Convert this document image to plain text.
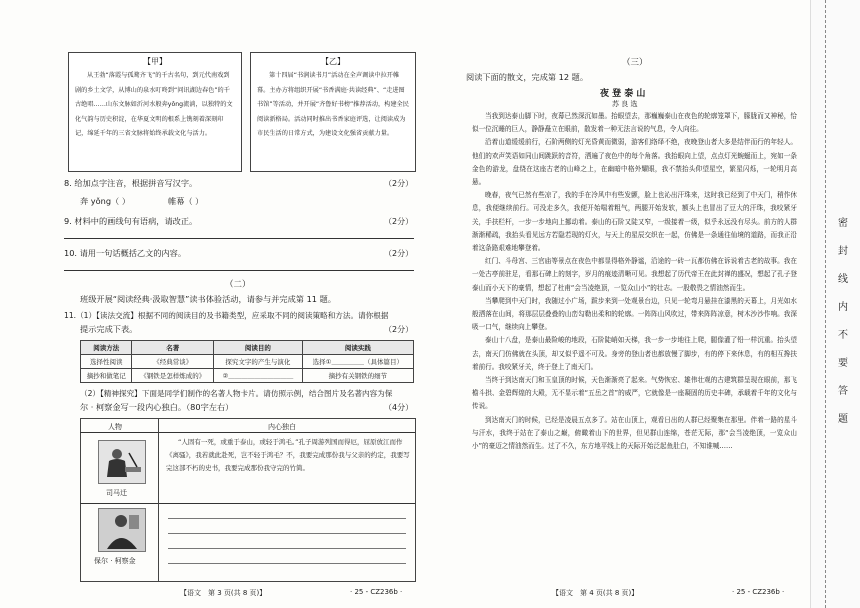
【甲】
从王勃“落霞与孤鹜齐飞”的千古名句，到元代南戏到剧的乡土文学，从博山的泉水叮咚到“问讯湖边春色”的千古绝唱……山东文脉如沂河水般奔yǒng流淌，以独特的文化气韵与历史积淀，在华夏文明的根系上镌刻着深刻印记，绵延千年的三省文脉将始终承载文化与活力。
【乙】
第十四届“书润读书月”活动在全声调读中拉开帷幕。主办方将组织开展“书香满庭·共读经典”、“走进图书馆”等活动，并开展“齐鲁好书榜”推荐活动，构建全民阅读新格局。活动同时推出书香家庭评选，让阅读成为市民生活的日常方式，为建设文化强省贡献力量。
8. 给加点字注音，根据拼音写汉字。	（2分）
奔 yǒng（ ）	帷幕（ ）
9. 材料中的画线句有语病，请改正。	（2分）
10. 请用一句话概括乙文的内容。	（2分）
（二）
班级开展“阅读经典·汲取智慧”读书体验活动，请参与并完成第 11 题。
11.（1）【读法交流】根据不同的阅读目的及书籍类型，应采取不同的阅读策略和方法。请你根据
提示完成下表。	（2分）
阅读方法	名著	阅读目的	阅读实践
选择性阅读	《经典常谈》	探究文字的产生与演化	选择①＿＿＿＿＿（具体篇目）
摘抄和做笔记	《钢铁是怎样炼成的》	②＿＿＿＿＿＿＿＿＿＿	摘抄有关钢铁的细节
（2）【精神探究】下面是同学们制作的名著人物卡片。请仿照示例，结合图片及名著内容为保
尔 · 柯察金写一段内心独白。（80字左右）	（4分）
人物	内心独白
司马迁
“人固有一死，或重于泰山，或轻于鸿毛。”孔子周游列国而得厄，屈原放江而作《离骚》，我若就此赴死，岂不轻于鸿毛？不，我要完成那份我与父亲的约定，我要写完这部不朽的史书，我要完成那份我守完的竹简。
保尔 · 柯察金
【语文　第 3 页(共 8 页)】	· 25 - CZ236b ·
（三）
阅读下面的散文，完成第 12 题。
夜 登 泰 山
苏 良 选

当我到达泰山脚下时，夜幕已然深沉如墨。抬眼望去，那巍巍泰山在夜色的轮廓笼罩下，朦胧而又神秘，恰似一位沉睡的巨人，静静矗立在眼前，散发着一种无法言说的气息，令人向往。

沿着山道缓缓前行，石阶两侧的灯光昏黄而微弱，游客们络绎不绝，夜晚登山者大多是结伴而行的年轻人。他们的欢声笑语如同山间跳跃的音符，洒遍了夜色中的每个角落。我抬眼向上望，点点灯光蜿蜒而上，宛如一条金色的游龙，盘绕在这座古老的山峰之上，在幽暗中格外耀眼，我不禁抬头仰望星空，繁星闪烁，一轮明月高悬。

晚春，夜气已然有些凉了，我的手在冷风中有些发颤，脸上也沁出汗珠来，这时我已经到了中天门，稍作休息，我便继续前行。可没走多久，我便开始喘着粗气，两腿开始发软，额头上也冒出了豆大的汗珠，我咬紧牙关，手扶栏杆，一步一步地向上挪动着。泰山的石阶又陡又窄，一级接着一级，似乎永远没有尽头。前方的人群渐渐稀疏，我抬头看见远方若隐若现的灯火，与天上的星辰交织在一起，仿佛是一条通往仙境的道路，而我正沿着这条路艰难地攀登着。

红门、斗母宫、三官庙等景点在夜色中都显得格外静谧，沿途的一砖一瓦都仿佛在诉说着古老的故事。我在一处古亭前驻足，看那石碑上的刻字，岁月的痕迹清晰可见。我想起了历代帝王在此封禅的盛况，想起了孔子登泰山而小天下的豪情，想起了杜甫“会当凌绝顶，一览众山小”的壮志。一股敬畏之情油然而生。

当攀爬到中天门时，我随过小广场，跋步来到一处观景台边，只见一轮弯月悬挂在漆黑的天幕上，月光如水般洒落在山间，将那层层叠叠的山峦勾勒出柔和的轮廓。一阵阵山风吹过，带来阵阵凉意，树木沙沙作响。我深吸一口气，继续向上攀登。

泰山十八盘，是泰山最险峻的地段，石阶陡峭如天梯，我一步一步地往上爬，腿像灌了铅一样沉重。抬头望去，南天门仿佛就在头顶，却又似乎遥不可及。身旁的登山者也都放慢了脚步，有的停下来休息，有的相互搀扶着前行。我咬紧牙关，终于登上了南天门。

当终于到达南天门和玉皇顶的时候，天色渐渐亮了起来。气势恢宏、雄伟壮观的古建筑群呈现在眼前，那飞檐斗拱、金碧辉煌的大殿，无不显示着“五岳之首”的威严，它就像是一座凝固的历史丰碑，承载着千年的文化与传说。

到达南天门的时候，已经是凌晨五点多了。站在山顶上，观看日出的人群已经聚集在那里。伴着一路的星斗与汗水，我终于站在了泰山之巅，俯瞰着山下的世界，但见群山连绵，苍茫无际，那“会当凌绝顶，一览众山小”的豪迈之情油然而生。过了不久，东方地平线上的天际开始泛起鱼肚白，不知谁喊……

【语文　第 4 页(共 8 页)】	· 25 - CZ236b ·
密
封
线
内
不
要
答
题
